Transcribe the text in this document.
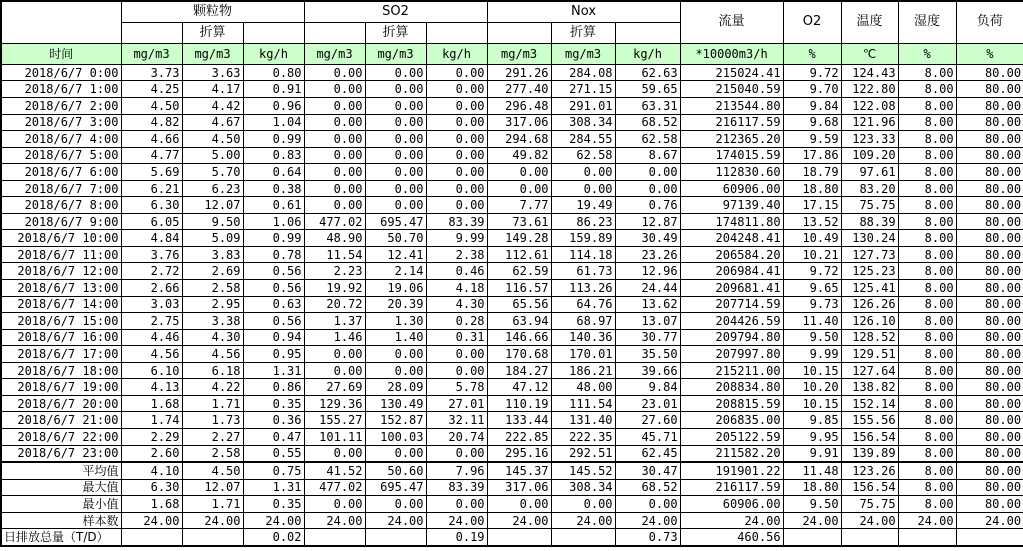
	颗粒物			SO2			Nox			流量	O2	温度	湿度	负荷
		折算			折算			折算						
时间	mg/m3	mg/m3	kg/h	mg/m3	mg/m3	kg/h	mg/m3	mg/m3	kg/h	*10000m3/h	%	℃	%	%
2018/6/7 0:00	3.73	3.63	0.80	0.00	0.00	0.00	291.26	284.08	62.63	215024.41	9.72	124.43	8.00	80.00
2018/6/7 1:00	4.25	4.17	0.91	0.00	0.00	0.00	277.40	271.15	59.65	215040.59	9.70	122.80	8.00	80.00
2018/6/7 2:00	4.50	4.42	0.96	0.00	0.00	0.00	296.48	291.01	63.31	213544.80	9.84	122.08	8.00	80.00
2018/6/7 3:00	4.82	4.67	1.04	0.00	0.00	0.00	317.06	308.34	68.52	216117.59	9.68	121.96	8.00	80.00
2018/6/7 4:00	4.66	4.50	0.99	0.00	0.00	0.00	294.68	284.55	62.58	212365.20	9.59	123.33	8.00	80.00
2018/6/7 5:00	4.77	5.00	0.83	0.00	0.00	0.00	49.82	62.58	8.67	174015.59	17.86	109.20	8.00	80.00
2018/6/7 6:00	5.69	5.70	0.64	0.00	0.00	0.00	0.00	0.00	0.00	112830.60	18.79	97.61	8.00	80.00
2018/6/7 7:00	6.21	6.23	0.38	0.00	0.00	0.00	0.00	0.00	0.00	60906.00	18.80	83.20	8.00	80.00
2018/6/7 8:00	6.30	12.07	0.61	0.00	0.00	0.00	7.77	19.49	0.76	97139.40	17.15	75.75	8.00	80.00
2018/6/7 9:00	6.05	9.50	1.06	477.02	695.47	83.39	73.61	86.23	12.87	174811.80	13.52	88.39	8.00	80.00
2018/6/7 10:00	4.84	5.09	0.99	48.90	50.70	9.99	149.28	159.89	30.49	204248.41	10.49	130.24	8.00	80.00
2018/6/7 11:00	3.76	3.83	0.78	11.54	12.41	2.38	112.61	114.18	23.26	206584.20	10.21	127.73	8.00	80.00
2018/6/7 12:00	2.72	2.69	0.56	2.23	2.14	0.46	62.59	61.73	12.96	206984.41	9.72	125.23	8.00	80.00
2018/6/7 13:00	2.66	2.58	0.56	19.92	19.06	4.18	116.57	113.26	24.44	209681.41	9.65	125.41	8.00	80.00
2018/6/7 14:00	3.03	2.95	0.63	20.72	20.39	4.30	65.56	64.76	13.62	207714.59	9.73	126.26	8.00	80.00
2018/6/7 15:00	2.75	3.38	0.56	1.37	1.30	0.28	63.94	68.97	13.07	204426.59	11.40	126.10	8.00	80.00
2018/6/7 16:00	4.46	4.30	0.94	1.46	1.40	0.31	146.66	140.36	30.77	209794.80	9.50	128.52	8.00	80.00
2018/6/7 17:00	4.56	4.56	0.95	0.00	0.00	0.00	170.68	170.01	35.50	207997.80	9.99	129.51	8.00	80.00
2018/6/7 18:00	6.10	6.18	1.31	0.00	0.00	0.00	184.27	186.21	39.66	215211.00	10.15	127.64	8.00	80.00
2018/6/7 19:00	4.13	4.22	0.86	27.69	28.09	5.78	47.12	48.00	9.84	208834.80	10.20	138.82	8.00	80.00
2018/6/7 20:00	1.68	1.71	0.35	129.36	130.49	27.01	110.19	111.54	23.01	208815.59	10.15	152.14	8.00	80.00
2018/6/7 21:00	1.74	1.73	0.36	155.27	152.87	32.11	133.44	131.40	27.60	206835.00	9.85	155.56	8.00	80.00
2018/6/7 22:00	2.29	2.27	0.47	101.11	100.03	20.74	222.85	222.35	45.71	205122.59	9.95	156.54	8.00	80.00
2018/6/7 23:00	2.60	2.58	0.55	0.00	0.00	0.00	295.16	292.51	62.45	211582.20	9.91	139.89	8.00	80.00

平均值	4.10	4.50	0.75	41.52	50.60	7.96	145.37	145.52	30.47	191901.22	11.48	123.26	8.00	80.00
最大值	6.30	12.07	1.31	477.02	695.47	83.39	317.06	308.34	68.52	216117.59	18.80	156.54	8.00	80.00
最小值	1.68	1.71	0.35	0.00	0.00	0.00	0.00	0.00	0.00	60906.00	9.50	75.75	8.00	80.00
样本数	24.00	24.00	24.00	24.00	24.00	24.00	24.00	24.00	24.00	24.00	24.00	24.00	24.00	24.00
日排放总量（T/D）			0.02			0.19			0.73	460.56				
